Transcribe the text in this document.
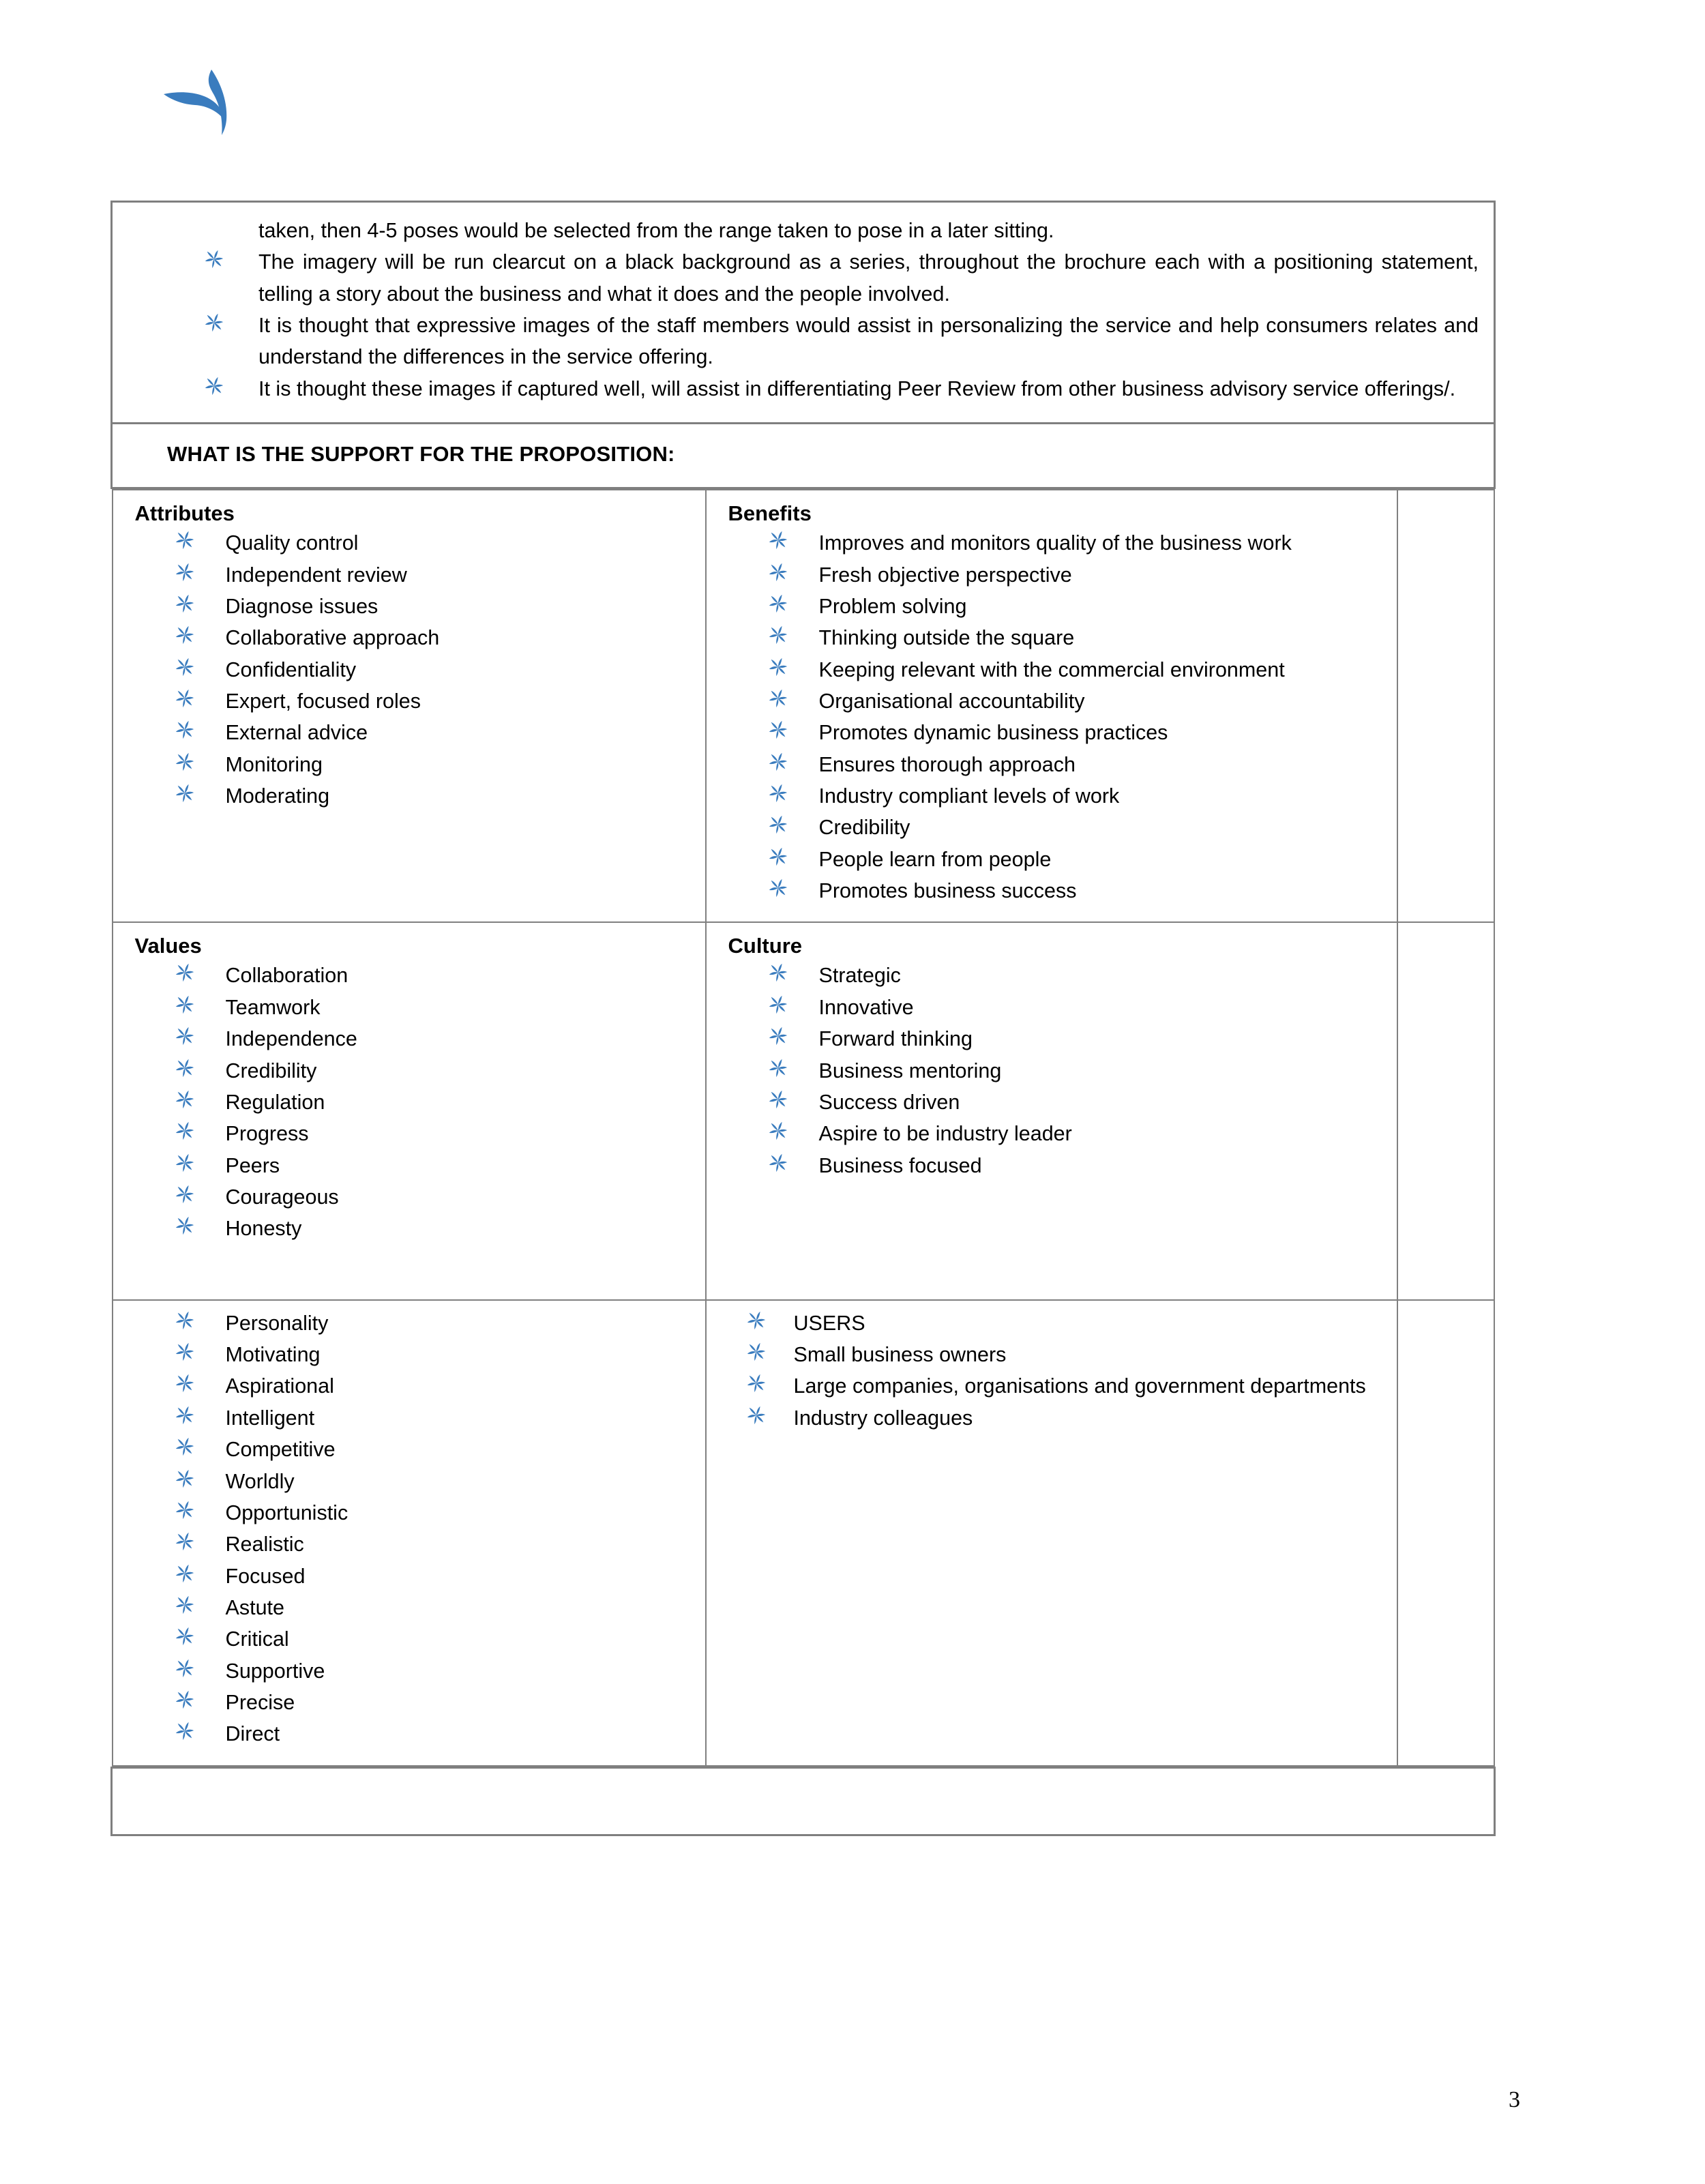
taken, then 4-5 poses would be selected from the range taken to pose in a later sitting.

The imagery will be run clearcut on a black background as a series, throughout the brochure each with a positioning statement, telling a story about the business and what it does and the people involved.
It is thought that expressive images of the staff members would assist in personalizing the service and help consumers relates and understand the differences in the service offering.
It is thought these images if captured well, will assist in differentiating Peer Review from other business advisory service offerings/.

WHAT IS THE SUPPORT FOR THE PROPOSITION:

Attributes
Quality control
Independent review
Diagnose issues
Collaborative approach
Confidentiality
Expert, focused roles
External advice
Monitoring
Moderating

Benefits
Improves and monitors quality of the business work
Fresh objective perspective
Problem solving
Thinking outside the square
Keeping relevant with the commercial environment
Organisational accountability
Promotes dynamic business practices
Ensures thorough approach
Industry compliant levels of work
Credibility
People learn from people
Promotes business success

Values
Collaboration
Teamwork
Independence
Credibility
Regulation
Progress
Peers
Courageous
Honesty

Culture
Strategic
Innovative
Forward thinking
Business mentoring
Success driven
Aspire to be industry leader
Business focused

Personality
Motivating
Aspirational
Intelligent
Competitive
Worldly
Opportunistic
Realistic
Focused
Astute
Critical
Supportive
Precise
Direct

USERS
Small business owners
Large companies, organisations and government departments
Industry colleagues

3
